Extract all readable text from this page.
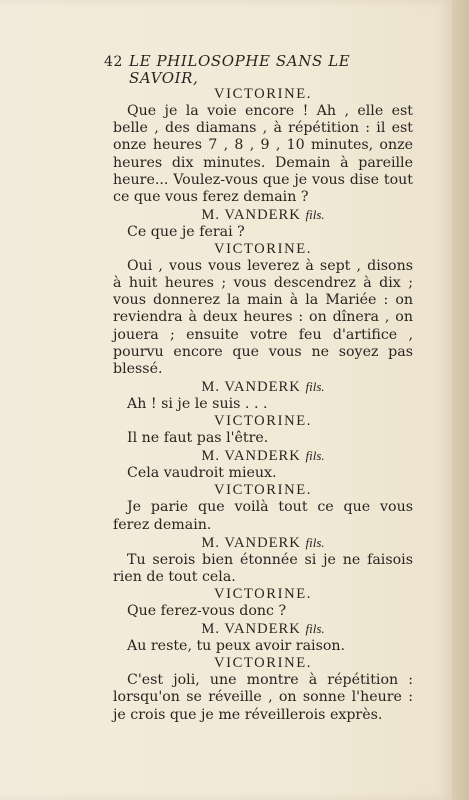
42 LE PHILOSOPHE SANS LE SAVOIR,
VICTORINE.
Que je la voie encore ! Ah , elle est belle , des diamans , à répétition : il est onze heures 7 , 8 , 9 , 10 minutes, onze heures dix minutes. Demain à pareille heure... Voulez-vous que je vous dise tout ce que vous ferez demain ?
M. VANDERK fils.
Ce que je ferai ?
VICTORINE.
Oui , vous vous leverez à sept , disons à huit heures ; vous descendrez à dix ; vous donnerez la main à la Mariée : on reviendra à deux heures : on dînera , on jouera ; ensuite votre feu d'artifice , pourvu encore que vous ne soyez pas blessé.
M. VANDERK fils.
Ah ! si je le suis . . .
VICTORINE.
Il ne faut pas l'être.
M. VANDERK fils.
Cela vaudroit mieux.
VICTORINE.
Je parie que voilà tout ce que vous ferez demain.
M. VANDERK fils.
Tu serois bien étonnée si je ne faisois rien de tout cela.
VICTORINE.
Que ferez-vous donc ?
M. VANDERK fils.
Au reste, tu peux avoir raison.
VICTORINE.
C'est joli, une montre à répétition : lorsqu'on se réveille , on sonne l'heure : je crois que je me réveillerois exprès.
